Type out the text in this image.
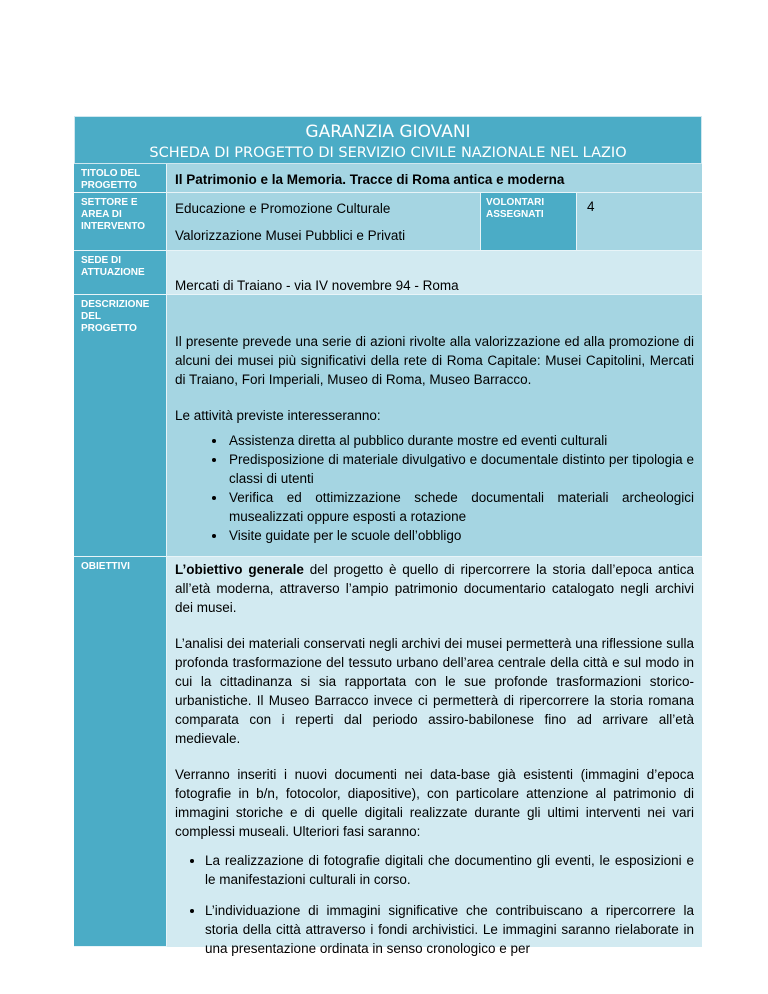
GARANZIA GIOVANI
SCHEDA DI PROGETTO DI SERVIZIO CIVILE NAZIONALE NEL LAZIO
TITOLO DEL
PROGETTO	Il Patrimonio e la Memoria. Tracce di Roma antica e moderna
SETTORE E
AREA DI
INTERVENTO

Educazione e Promozione Culturale

Valorizzazione Musei Pubblici e Privati

VOLONTARI ASSEGNATI
4
SEDE DI
ATTUAZIONE
Mercati di Traiano - via IV novembre 94 - Roma
DESCRIZIONE
DEL
PROGETTO

Il presente prevede una serie di azioni rivolte alla valorizzazione ed alla promozione di alcuni dei musei più significativi della rete di Roma Capitale: Musei Capitolini, Mercati di Traiano, Fori Imperiali, Museo di Roma, Museo Barracco.

Le attività previste interesseranno:

• Assistenza diretta al pubblico durante mostre ed eventi culturali
• Predisposizione di materiale divulgativo e documentale distinto per tipologia e classi di utenti
• Verifica ed ottimizzazione schede documentali materiali archeologici musealizzati oppure esposti a rotazione
• Visite guidate per le scuole dell’obbligo
OBIETTIVI	L’obiettivo generale del progetto è quello di ripercorrere la storia dall’epoca antica all’età moderna, attraverso l’ampio patrimonio documentario catalogato negli archivi dei musei.

L’analisi dei materiali conservati negli archivi dei musei permetterà una riflessione sulla profonda trasformazione del tessuto urbano dell’area centrale della città e sul modo in cui la cittadinanza si sia rapportata con le sue profonde trasformazioni storico-urbanistiche. Il Museo Barracco invece ci permetterà di ripercorrere la storia romana comparata con i reperti dal periodo assiro-babilonese fino ad arrivare all’età medievale.

Verranno inseriti i nuovi documenti nei data-base già esistenti (immagini d’epoca fotografie in b/n, fotocolor, diapositive), con particolare attenzione al patrimonio di immagini storiche e di quelle digitali realizzate durante gli ultimi interventi nei vari complessi museali. Ulteriori fasi saranno:

• La realizzazione di fotografie digitali che documentino gli eventi, le esposizioni e le manifestazioni culturali in corso.
• L’individuazione di immagini significative che contribuiscano a ripercorrere la storia della città attraverso i fondi archivistici. Le immagini saranno rielaborate in una presentazione ordinata in senso cronologico e per
